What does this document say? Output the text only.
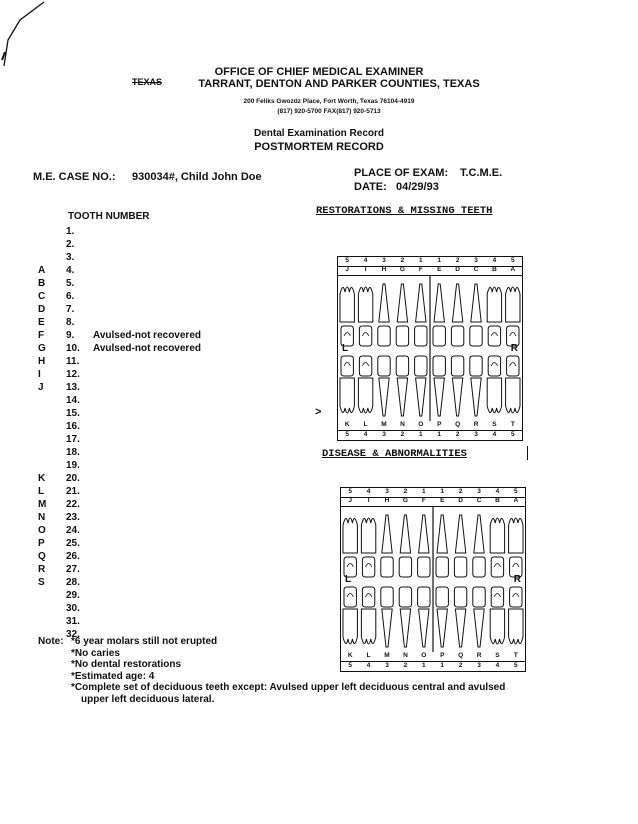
OFFICE OF CHIEF MEDICAL EXAMINER
TEXAS	TARRANT, DENTON AND PARKER COUNTIES, TEXAS
200 Feliks Gwozdz Place, Fort Worth, Texas 76104-4919
(817) 920-5700 FAX(817) 920-5713
Dental Examination Record
POSTMORTEM RECORD
M.E. CASE NO.: 930034#, Child John Doe	PLACE OF EXAM: T.C.M.E.
DATE: 04/29/93
TOOTH NUMBER
1.
2.
3.
A 4.
B 5.
C 6.
D 7.
E	8.
F	9. Avulsed-not recovered
G 10. Avulsed-not recovered
H 11.
I	12.
J	13.
14.
15.
16.
17.
18.
19.
K 20.
L	21.
M 22.
N 23.
O 24.
P	25.
Q 26.
R 27.
S	28.
29.
30.
31.
32.
Note: *6 year molars still not erupted
*No caries
*No dental restorations
*Estimated age: 4
*Complete set of deciduous teeth except: Avulsed upper left deciduous central and avulsed
upper left deciduous lateral.
RESTORATIONS & MISSING TEETH
DISEASE & ABNORMALITIES
>
5	4	3	2	1	1	2	3	4	5
J	I	H	G	F	E	D	C	B	A
K	L	M	N	O	P	Q	R	S	T
5	4	3	2	1	1	2	3	4	5
L	R
5	4	3	2	1	1	2	3	4	5
J	I	H	G	F	E	D	C	B	A
K	L	M	N	O	P	Q	R	S	T
5	4	3	2	1	1	2	3	4	5
L	R
